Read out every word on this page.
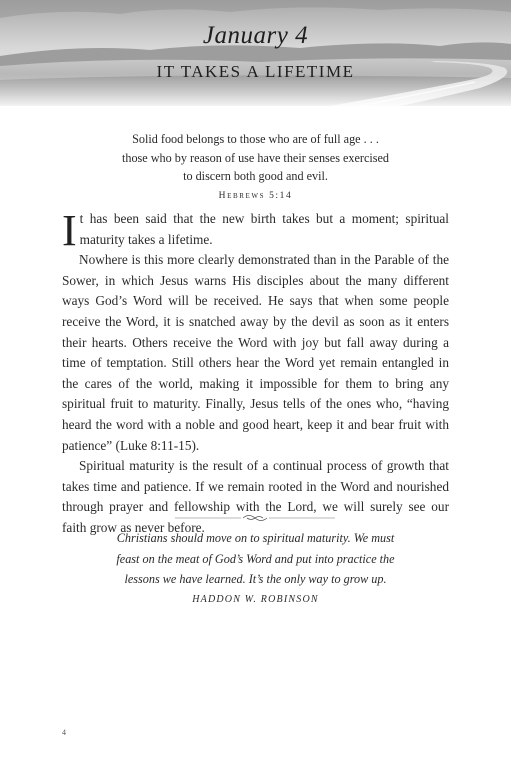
January 4
IT TAKES A LIFETIME
Solid food belongs to those who are of full age . . .
those who by reason of use have their senses exercised
to discern both good and evil.
Hebrews 5:14

It has been said that the new birth takes but a moment; spiritual maturity takes a lifetime.

Nowhere is this more clearly demonstrated than in the Parable of the Sower, in which Jesus warns His disciples about the many different ways God’s Word will be received. He says that when some people receive the Word, it is snatched away by the devil as soon as it enters their hearts. Others receive the Word with joy but fall away during a time of temptation. Still others hear the Word yet remain entangled in the cares of the world, making it impossible for them to bring any spiritual fruit to maturity. Finally, Jesus tells of the ones who, “having heard the word with a noble and good heart, keep it and bear fruit with patience” (Luke 8:11-15).

Spiritual maturity is the result of a continual process of growth that takes time and patience. If we remain rooted in the Word and nourished through prayer and fellowship with the Lord, we will surely see our faith grow as never before.

Christians should move on to spiritual maturity. We must
feast on the meat of God’s Word and put into practice the
lessons we have learned. It’s the only way to grow up.
HADDON W. ROBINSON
4
